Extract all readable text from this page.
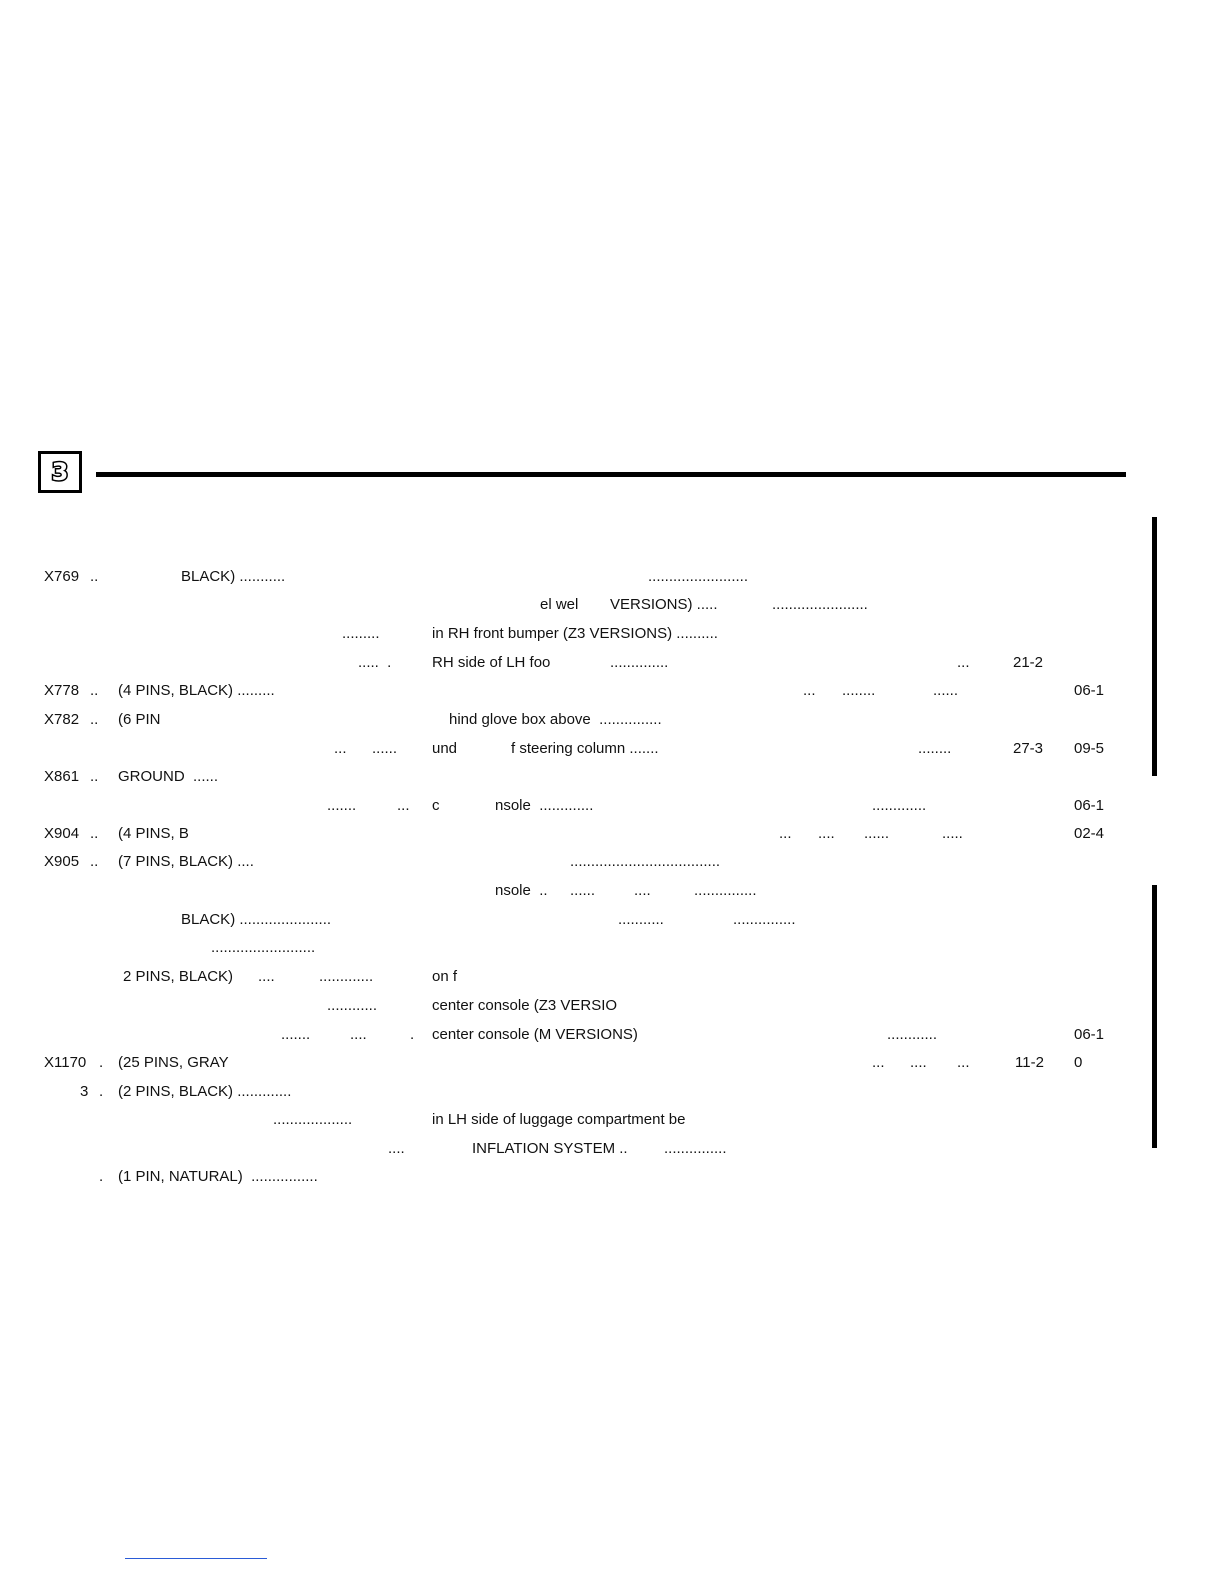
3
X769 ..	BLACK) ...........	........................
el wel VERSIONS) .....	.......................
.........	in RH front bumper (Z3 VERSIONS) ..........
.....  .	RH side of LH foo	..............	...	21-2
X778 .. (4 PINS, BLACK) .........	... ........	......	06-1
X782 .. (6 PIN	hind glove box above  ...............
... ...... und	f steering column .......	........	27-3 09-5
X861 .. GROUND  ......
.......	... c	nsole  .............	.............	06-1
X904 .. (4 PINS, B	... .... ......	.....	02-4
X905 .. (7 PINS, BLACK) ....	....................................
nsole  .. ......	....	...............
BLACK) ......................	...........	...............
.........................
2 PINS, BLACK) ....	.............	on f
............	center console (Z3 VERSIO
.......	....	. center console (M VERSIONS)	............	06-1
X1170 . (25 PINS, GRAY	... .... ...	11-2 0
3 . (2 PINS, BLACK) .............
...................	in LH side of luggage compartment be
....	INFLATION SYSTEM .. ...............
. (1 PIN, NATURAL)  ................
